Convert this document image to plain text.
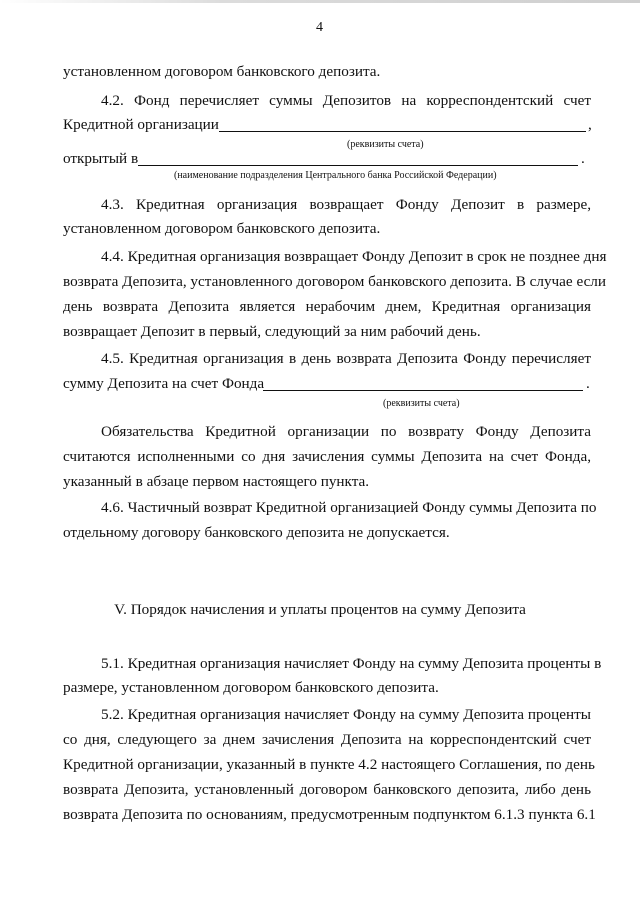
4
установленном договором банковского депозита.
4.2. Фонд перечисляет суммы Депозитов на корреспондентский счет
Кредитной организации	,
(реквизиты счета)
открытый в	.
(наименование подразделения Центрального банка Российской Федерации)
4.3. Кредитная организация возвращает Фонду Депозит в размере,
установленном договором банковского депозита.
4.4. Кредитная организация возвращает Фонду Депозит в срок не позднее дня
возврата Депозита, установленного договором банковского депозита. В случае если
день возврата Депозита является нерабочим днем, Кредитная организация
возвращает Депозит в первый, следующий за ним рабочий день.
4.5. Кредитная организация в день возврата Депозита Фонду перечисляет
сумму Депозита на счет Фонда	.
(реквизиты счета)
Обязательства Кредитной организации по возврату Фонду Депозита
считаются исполненными со дня зачисления суммы Депозита на счет Фонда,
указанный в абзаце первом настоящего пункта.
4.6. Частичный возврат Кредитной организацией Фонду суммы Депозита по
отдельному договору банковского депозита не допускается.
V. Порядок начисления и уплаты процентов на сумму Депозита
5.1. Кредитная организация начисляет Фонду на сумму Депозита проценты в
размере, установленном договором банковского депозита.
5.2. Кредитная организация начисляет Фонду на сумму Депозита проценты
со дня, следующего за днем зачисления Депозита на корреспондентский счет
Кредитной организации, указанный в пункте 4.2 настоящего Соглашения, по день
возврата Депозита, установленный договором банковского депозита, либо день
возврата Депозита по основаниям, предусмотренным подпунктом 6.1.3 пункта 6.1
